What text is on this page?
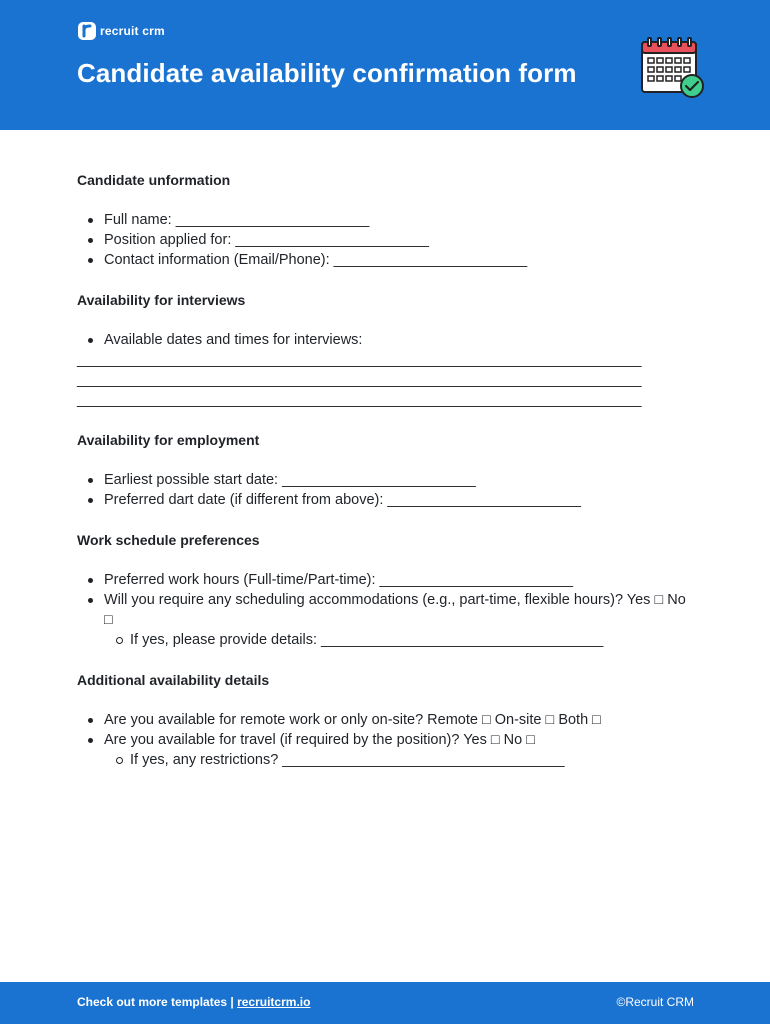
recruit crm
Candidate availability confirmation form
Candidate unformation
Full name: ________________________
Position applied for: ________________________
Contact information (Email/Phone): ________________________
Availability for interviews
Available dates and times for interviews:
______________________________________________________________________
______________________________________________________________________
______________________________________________________________________
Availability for employment
Earliest possible start date: ________________________
Preferred dart date (if different from above): ________________________
Work schedule preferences
Preferred work hours (Full-time/Part-time): ________________________
Will you require any scheduling accommodations (e.g., part-time, flexible hours)? Yes □ No □
If yes, please provide details: ___________________________________
Additional availability details
Are you available for remote work or only on-site? Remote □ On-site □ Both □
Are you available for travel (if required by the position)? Yes □ No □
If yes, any restrictions? ___________________________________
Check out more templates | recruitcrm.io	©Recruit CRM
